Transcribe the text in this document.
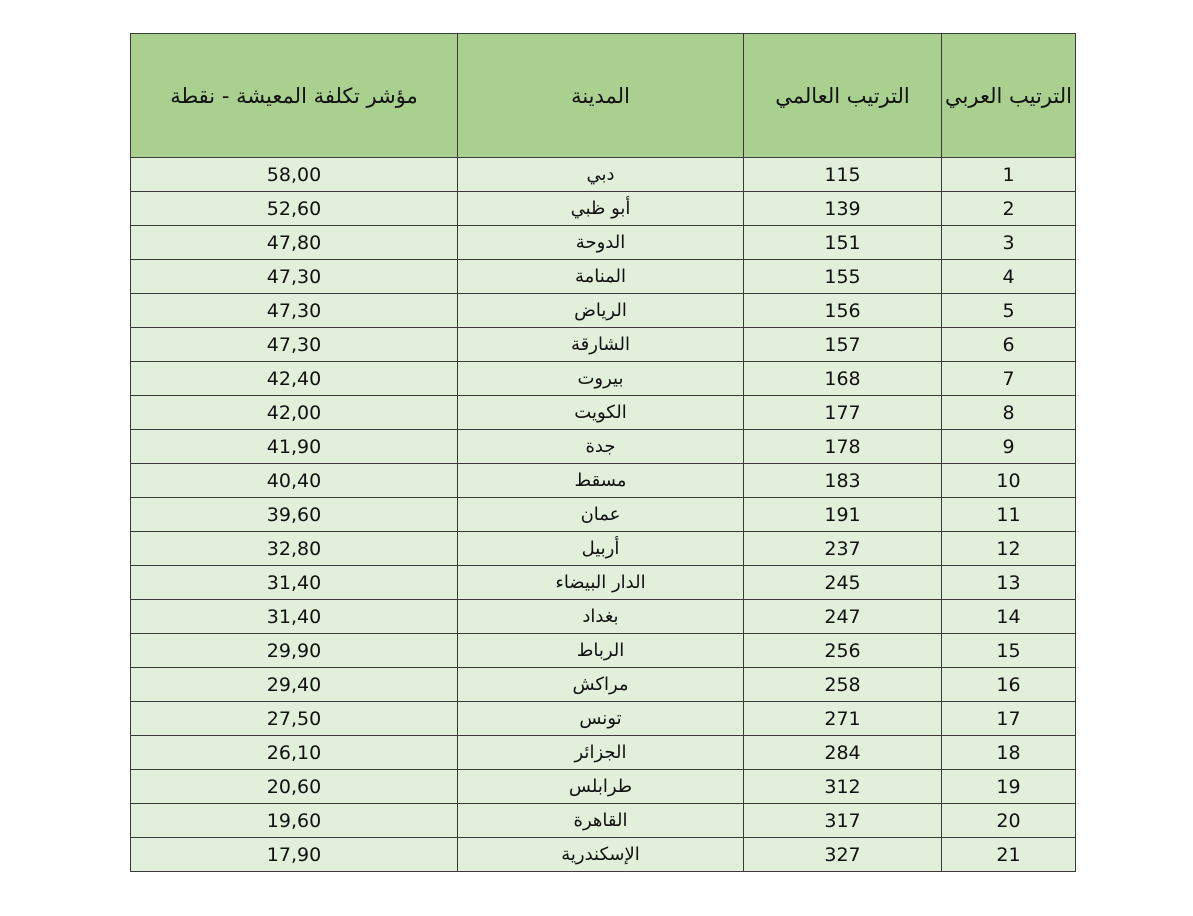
مؤشر تكلفة المعيشة - نقطة	المدينة	الترتيب العالمي	الترتيب العربي
58,00	دبي	115	1
52,60	أبو ظبي	139	2
47,80	الدوحة	151	3
47,30	المنامة	155	4
47,30	الرياض	156	5
47,30	الشارقة	157	6
42,40	بيروت	168	7
42,00	الكويت	177	8
41,90	جدة	178	9
40,40	مسقط	183	10
39,60	عمان	191	11
32,80	أربيل	237	12
31,40	الدار البيضاء	245	13
31,40	بغداد	247	14
29,90	الرباط	256	15
29,40	مراكش	258	16
27,50	تونس	271	17
26,10	الجزائر	284	18
20,60	طرابلس	312	19
19,60	القاهرة	317	20
17,90	الإسكندرية	327	21
